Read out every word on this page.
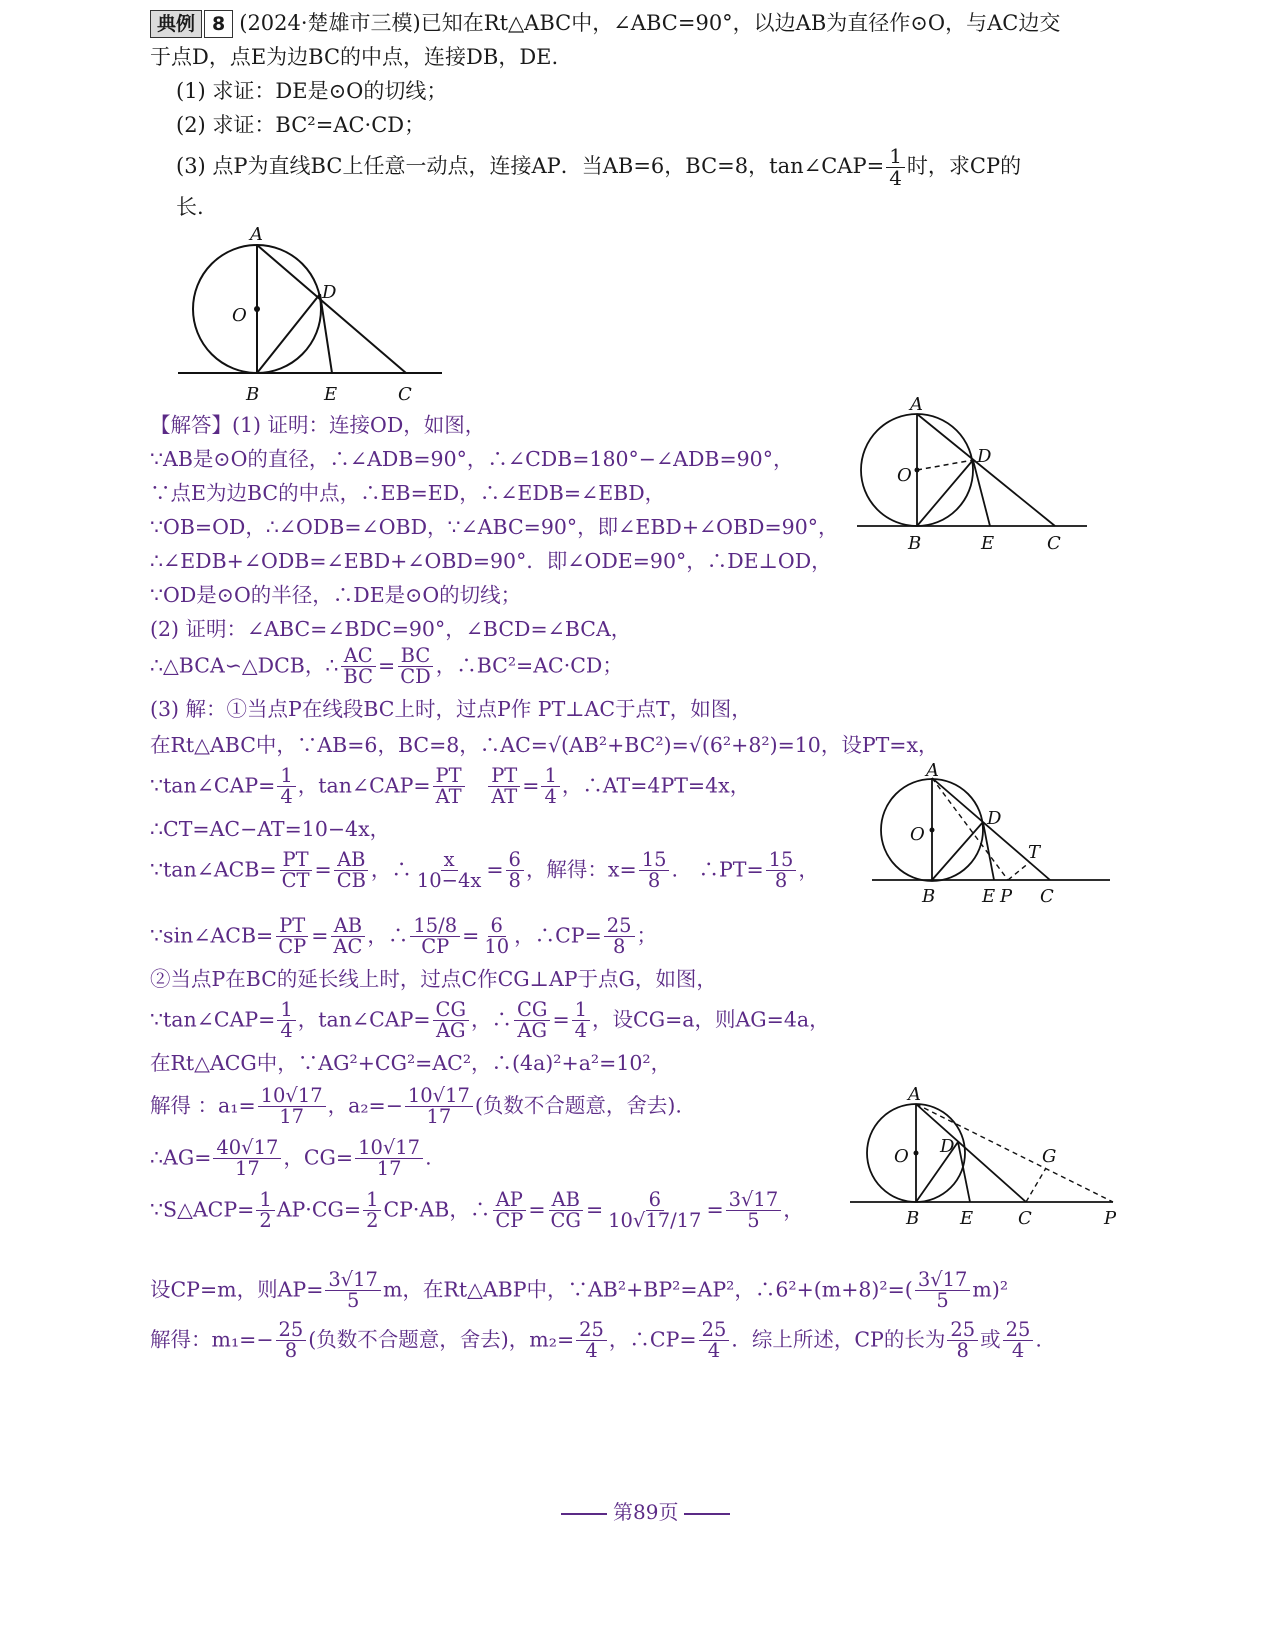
典例 8 (2024·楚雄市三模)已知在Rt△ABC中，∠ABC=90°，以边AB为直径作⊙O，与AC边交
于点D，点E为边BC的中点，连接DB，DE.
(1) 求证：DE是⊙O的切线；
(2) 求证：BC²=AC·CD；
(3) 点P为直线BC上任意一动点，连接AP．当AB=6，BC=8，tan∠CAP= $\frac{1}{4}$ 时，求CP的
长.
A
O
D
B	E	C
【解答】(1) 证明：连接OD，如图，
∵AB是⊙O的直径，∴∠ADB=90°，∴∠CDB=180°−∠ADB=90°，
∵点E为边BC的中点，∴EB=ED，∴∠EDB=∠EBD，
∵OB=OD，∴∠ODB=∠OBD，∵∠ABC=90°，即∠EBD+∠OBD=90°，
∴∠EDB+∠ODB=∠EBD+∠OBD=90°．即∠ODE=90°，∴DE⊥OD，
∵OD是⊙O的半径，∴DE是⊙O的切线；
A
O
D
B	E	C
(2) 证明：∠ABC=∠BDC=90°，∠BCD=∠BCA，
∴△BCA∽△DCB，∴ $\frac{AC}{BC} = \frac{BC}{CD}$ ，∴BC²=AC·CD；
(3) 解：①当点P在线段BC上时，过点P作 PT⊥AC于点T，如图，
在Rt△ABC中，∵AB=6，BC=8，∴AC=√(AB²+BC²)=√(6²+8²)=10，设PT=x，
∵tan∠CAP= $\frac{1}{4}$ ，tan∠CAP= $\frac{PT}{AT}$
$\frac{PT}{AT} = \frac{1}{4}$ ，∴AT=4PT=4x，
∴CT=AC−AT=10−4x，
∵tan∠ACB= $\frac{PT}{CT} = \frac{AB}{CB}$ ，∴ $\frac{x}{10-4x} = \frac{6}{8}$ ，解得：$x= \frac{15}{8}$ .　∴PT= $\frac{15}{8}$ ，
A
O
D
T
B	E P C
∵sin∠ACB= $\frac{PT}{CP} = \frac{AB}{AC}$ ，∴ $\frac{15/8}{CP} = \frac{6}{10}$ ，∴CP= $\frac{25}{8}$ ；
②当点P在BC的延长线上时，过点C作CG⊥AP于点G，如图，
∵tan∠CAP= $\frac{1}{4}$ ，tan∠CAP= $\frac{CG}{AG}$ ，∴ $\frac{CG}{AG} = \frac{1}{4}$ ，设CG=a，则AG=4a，
在Rt△ACG中，∵AG²+CG²=AC²，∴(4a)²+a²=10²，
解得 ：$a_1= \frac{10√17}{17}$ ，$a_2=- \frac{10√17}{17}$ (负数不合题意，舍去).
∴AG= $\frac{40√17}{17}$ ，$CG= \frac{10√17}{17}$ .
A
O D	G
B E C	P
∵S△ACP= $\frac{1}{2} AP\cdot CG= \frac{1}{2} CP\cdot AB$，∴ $\frac{AP}{CP} = \frac{AB}{CG} = \frac{6}{10√17/17} = \frac{3√17}{5}$ ，
设CP=m，则$AP= \frac{3√17}{5}$ m，在Rt△ABP中，∵AB²+BP²=AP²，∴6²+(m+8)²=( $\frac{3√17}{5} m)^2$
解得：$m_1=- \frac{25}{8}$ (负数不合题意，舍去)，$m_2= \frac{25}{4}$ ，∴CP= $\frac{25}{4}$ ．综上所述，CP的长为 $\frac{25}{8}$ 或 $\frac{25}{4}$ .
第89页
